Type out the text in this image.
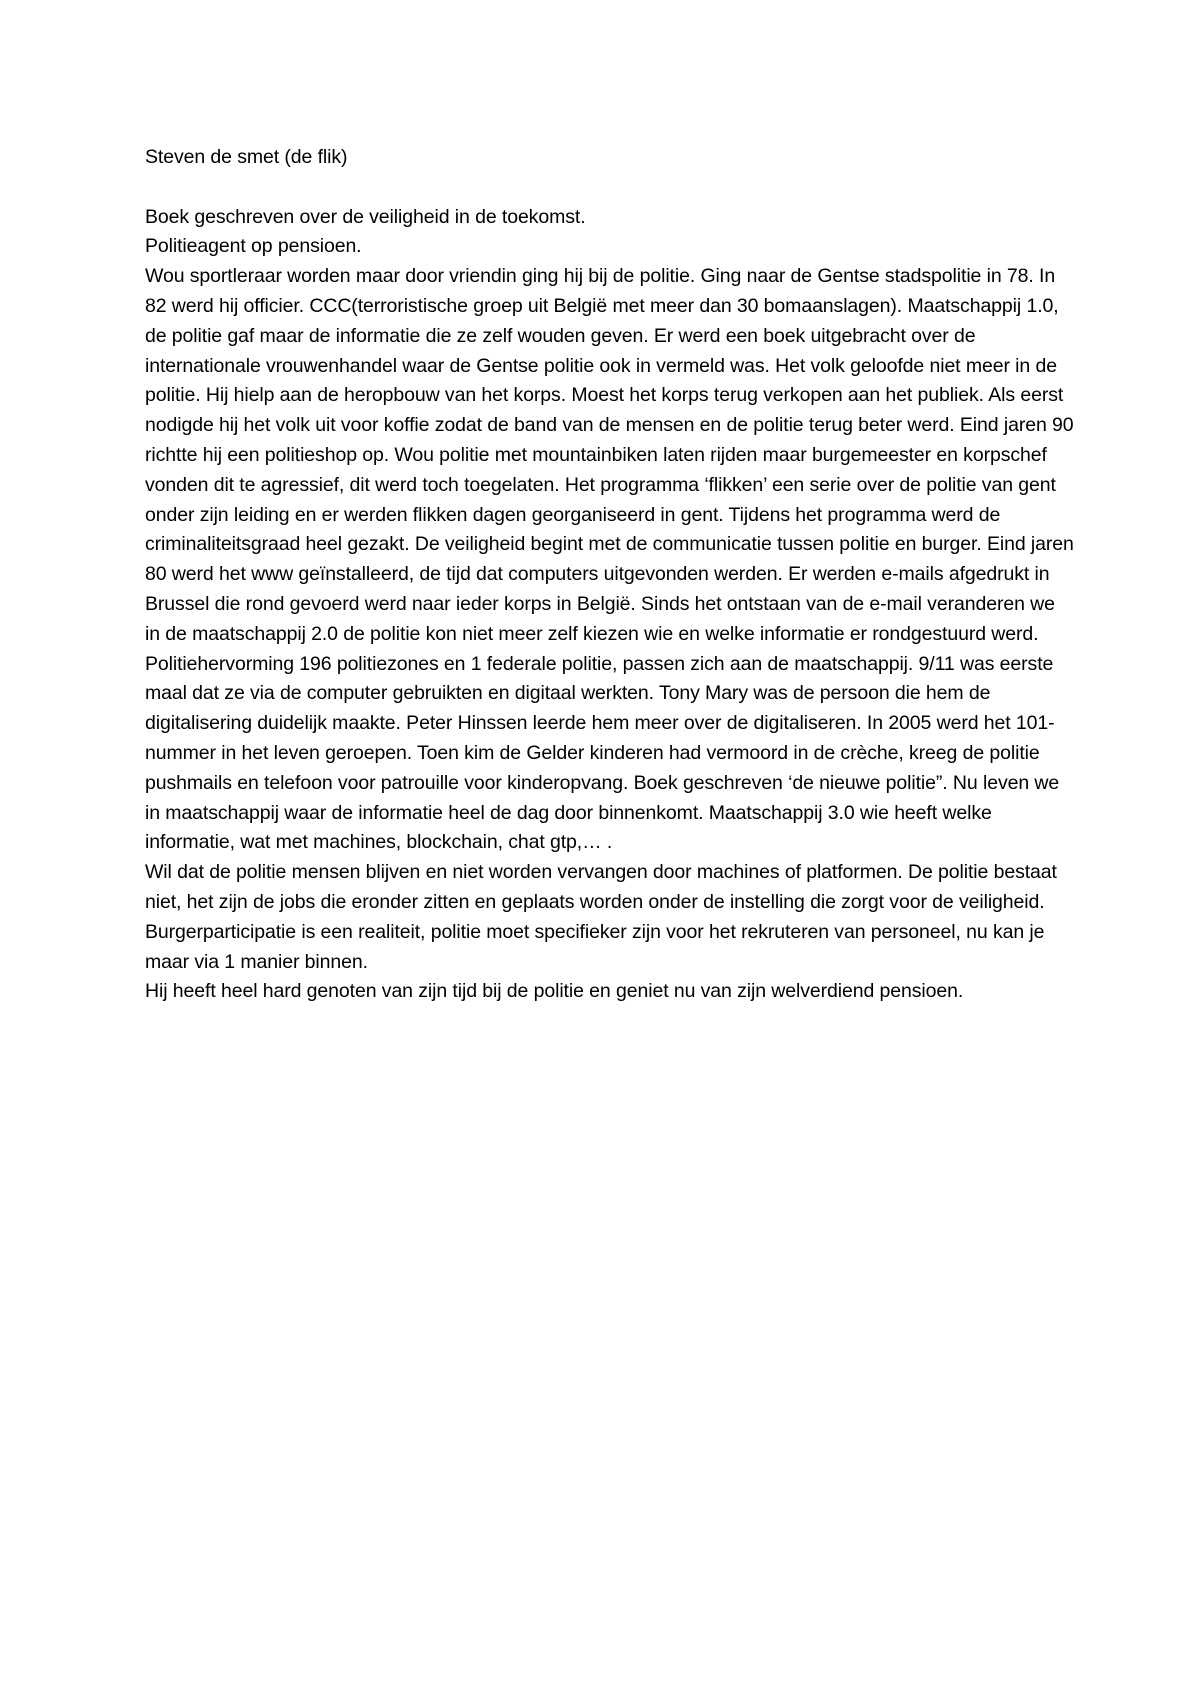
Steven de smet (de flik)

Boek geschreven over de veiligheid in de toekomst.

Politieagent op pensioen.

Wou sportleraar worden maar door vriendin ging hij bij de politie. Ging naar de Gentse stadspolitie in 78. In 82 werd hij officier. CCC(terroristische groep uit België met meer dan 30 bomaanslagen). Maatschappij 1.0, de politie gaf maar de informatie die ze zelf wouden geven. Er werd een boek uitgebracht over de internationale vrouwenhandel waar de Gentse politie ook in vermeld was. Het volk geloofde niet meer in de politie. Hij hielp aan de heropbouw van het korps. Moest het korps terug verkopen aan het publiek. Als eerst nodigde hij het volk uit voor koffie zodat de band van de mensen en de politie terug beter werd. Eind jaren 90 richtte hij een politieshop op. Wou politie met mountainbiken laten rijden maar burgemeester en korpschef vonden dit te agressief, dit werd toch toegelaten. Het programma ‘flikken’ een serie over de politie van gent onder zijn leiding en er werden flikken dagen georganiseerd in gent. Tijdens het programma werd de criminaliteitsgraad heel gezakt. De veiligheid begint met de communicatie tussen politie en burger. Eind jaren 80 werd het www geïnstalleerd, de tijd dat computers uitgevonden werden. Er werden e-mails afgedrukt in Brussel die rond gevoerd werd naar ieder korps in België. Sinds het ontstaan van de e-mail veranderen we in de maatschappij 2.0 de politie kon niet meer zelf kiezen wie en welke informatie er rondgestuurd werd. Politiehervorming 196 politiezones en 1 federale politie, passen zich aan de maatschappij. 9/11 was eerste maal dat ze via de computer gebruikten en digitaal werkten. Tony Mary was de persoon die hem de digitalisering duidelijk maakte. Peter Hinssen leerde hem meer over de digitaliseren. In 2005 werd het 101-nummer in het leven geroepen. Toen kim de Gelder kinderen had vermoord in de crèche, kreeg de politie pushmails en telefoon voor patrouille voor kinderopvang. Boek geschreven ‘de nieuwe politie”. Nu leven we in maatschappij waar de informatie heel de dag door binnenkomt. Maatschappij 3.0 wie heeft welke informatie, wat met machines, blockchain, chat gtp,… .

Wil dat de politie mensen blijven en niet worden vervangen door machines of platformen. De politie bestaat niet, het zijn de jobs die eronder zitten en geplaats worden onder de instelling die zorgt voor de veiligheid. Burgerparticipatie is een realiteit, politie moet specifieker zijn voor het rekruteren van personeel, nu kan je maar via 1 manier binnen.

Hij heeft heel hard genoten van zijn tijd bij de politie en geniet nu van zijn welverdiend pensioen.
